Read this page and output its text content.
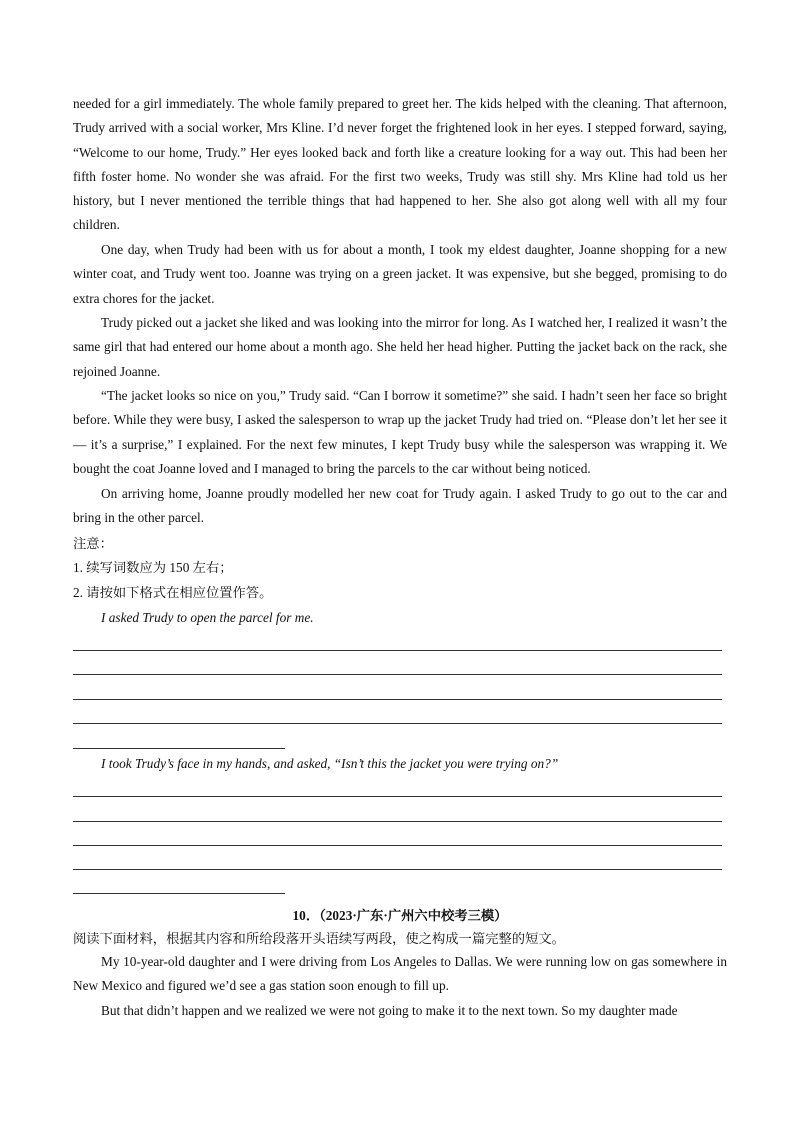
needed for a girl immediately. The whole family prepared to greet her. The kids helped with the cleaning. That afternoon, Trudy arrived with a social worker, Mrs Kline. I’d never forget the frightened look in her eyes. I stepped forward, saying, “Welcome to our home, Trudy.” Her eyes looked back and forth like a creature looking for a way out. This had been her fifth foster home. No wonder she was afraid. For the first two weeks, Trudy was still shy. Mrs Kline had told us her history, but I never mentioned the terrible things that had happened to her. She also got along well with all my four children.

One day, when Trudy had been with us for about a month, I took my eldest daughter, Joanne shopping for a new winter coat, and Trudy went too. Joanne was trying on a green jacket. It was expensive, but she begged, promising to do extra chores for the jacket.

Trudy picked out a jacket she liked and was looking into the mirror for long. As I watched her, I realized it wasn’t the same girl that had entered our home about a month ago. She held her head higher. Putting the jacket back on the rack, she rejoined Joanne.

“The jacket looks so nice on you,” Trudy said. “Can I borrow it sometime?” she said. I hadn’t seen her face so bright before. While they were busy, I asked the salesperson to wrap up the jacket Trudy had tried on. “Please don’t let her see it — it’s a surprise,” I explained. For the next few minutes, I kept Trudy busy while the salesperson was wrapping it. We bought the coat Joanne loved and I managed to bring the parcels to the car without being noticed.

On arriving home, Joanne proudly modelled her new coat for Trudy again. I asked Trudy to go out to the car and bring in the other parcel.

注意：

1. 续写词数应为 150 左右；

2. 请按如下格式在相应位置作答。

I asked Trudy to open the parcel for me.

I took Trudy’s face in my hands, and asked, “Isn’t this the jacket you were trying on?”

10．（2023·广东·广州六中校考三模）

阅读下面材料，根据其内容和所给段落开头语续写两段，使之构成一篇完整的短文。

My 10-year-old daughter and I were driving from Los Angeles to Dallas. We were running low on gas somewhere in New Mexico and figured we’d see a gas station soon enough to fill up.

But that didn’t happen and we realized we were not going to make it to the next town. So my daughter made
